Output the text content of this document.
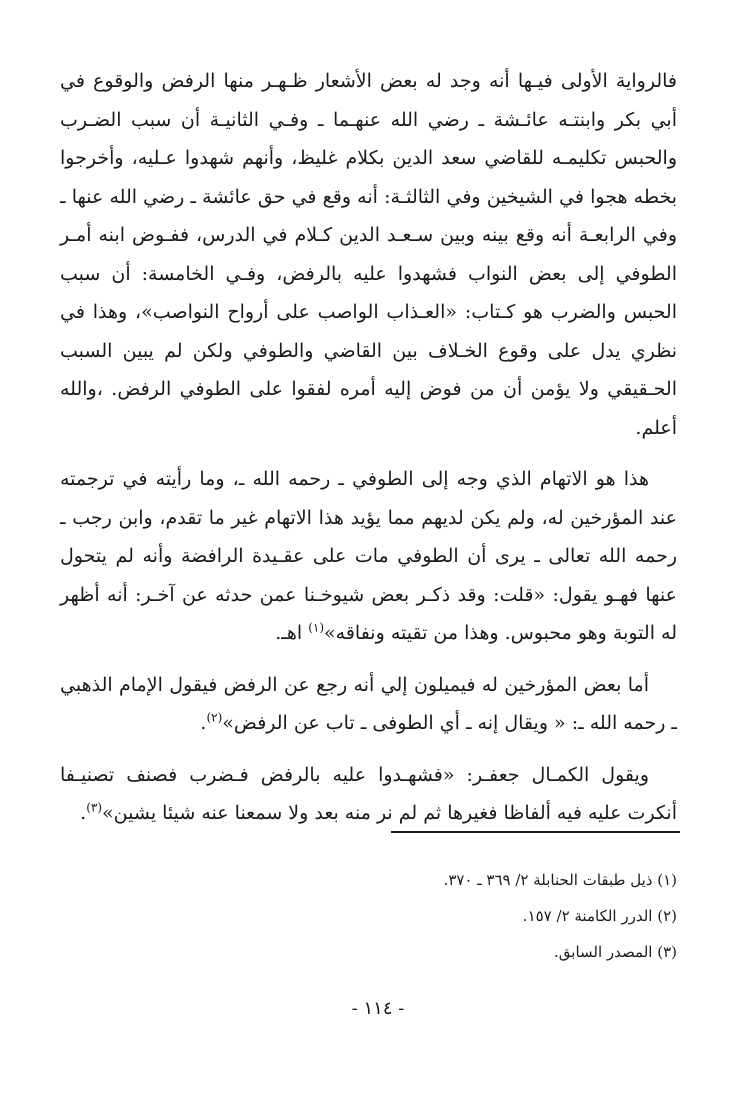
فالرواية الأولى فيـها أنه وجد له بعض الأشعار ظـهـر منها الرفض والوقوع في أبي بكر وابنتـه عائـشة ـ رضي الله عنهـما ـ وفـي الثانيـة أن سبب الضـرب والحبس تكليمـه للقاضي سعد الدين بكلام غليظ، وأنهم شهدوا عـليه، وأخرجوا بخطه هجوا في الشيخين وفي الثالثـة: أنه وقع في حق عائشة ـ رضي الله عنها ـ وفي الرابعـة أنه وقع بينه وبين سـعـد الدين كـلام في الدرس، ففـوض ابنه أمـر الطوفي إلى بعض النواب فشهدوا عليه بالرفض، وفـي الخامسة: أن سبب الحبس والضرب هو كـتاب: «العـذاب الواصب على أرواح النواصب»، وهذا في نظري يدل على وقوع الخـلاف بين القاضي والطوفي ولكن لم يبين السبب الحـقيقي ولا يؤمن أن من فوض إليه أمره لفقوا على الطوفي الرفض. ،والله أعلم.

هذا هو الاتهام الذي وجه إلى الطوفي ـ رحمه الله ـ، وما رأيته في ترجمته عند المؤرخين له، ولم يكن لديهم مما يؤيد هذا الاتهام غير ما تقدم، وابن رجب ـ رحمه الله تعالى ـ يرى أن الطوفي مات على عقـيدة الرافضة وأنه لم يتحول عنها فهـو يقول: «قلت: وقد ذكـر بعض شيوخـنا عمن حدثه عن آخـر: أنه أظهر له التوبة وهو محبوس. وهذا من تقيته ونفاقه»$^{(١)}$ اهـ.

أما بعض المؤرخين له فيميلون إلي أنه رجع عن الرفض فيقول الإمام الذهبي ـ رحمه الله ـ: « ويقال إنه ـ أي الطوفى ـ تاب عن الرفض»$^{(٢)}$.

ويقول الكمـال جعفـر: «فشهـدوا عليه بالرفض فـضرب فصنف تصنيـفا أنكرت عليه فيه ألفاظا فغيرها ثم لم نر منه بعد ولا سمعنا عنه شيئا يشين»$^{(٣)}$.

(١) ذيل طبقات الحنابلة ٢/ ٣٦٩ ـ ٣٧٠.

(٢) الدرر الكامنة ٢/ ١٥٧.

(٣) المصدر السابق.

- ١١٤ -
